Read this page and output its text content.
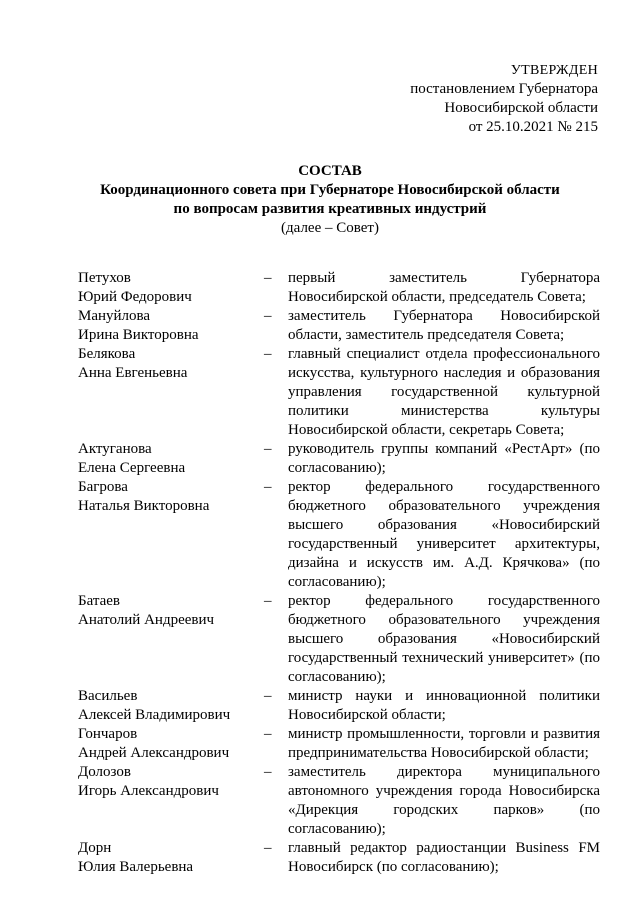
УТВЕРЖДЕН
постановлением Губернатора
Новосибирской области
от 25.10.2021 № 215
СОСТАВ
Координационного совета при Губернаторе Новосибирской области
по вопросам развития креативных индустрий
(далее – Совет)
Петухов
Юрий Федорович
–	первый заместитель Губернатора Новосибирской области, председатель Совета;
Мануйлова
Ирина Викторовна
–	заместитель Губернатора Новосибирской области, заместитель председателя Совета;
Белякова
Анна Евгеньевна
–	главный специалист отдела профессионального искусства, культурного наследия и образования управления государственной культурной политики министерства культуры Новосибирской области, секретарь Совета;
Актуганова
Елена Сергеевна
–	руководитель группы компаний «РестАрт» (по согласованию);
Багрова
Наталья Викторовна
–	ректор федерального государственного бюджетного образовательного учреждения высшего образования «Новосибирский государственный университет архитектуры, дизайна и искусств им. А.Д. Крячкова» (по согласованию);
Батаев
Анатолий Андреевич
–	ректор федерального государственного бюджетного образовательного учреждения высшего образования «Новосибирский государственный технический университет» (по согласованию);
Васильев
Алексей Владимирович
–	министр науки и инновационной политики Новосибирской области;
Гончаров
Андрей Александрович
–	министр промышленности, торговли и развития предпринимательства Новосибирской области;
Долозов
Игорь Александрович
–	заместитель директора муниципального автономного учреждения города Новосибирска «Дирекция городских парков» (по согласованию);
Дорн
Юлия Валерьевна
–	главный редактор радиостанции Business FM Новосибирск (по согласованию);
